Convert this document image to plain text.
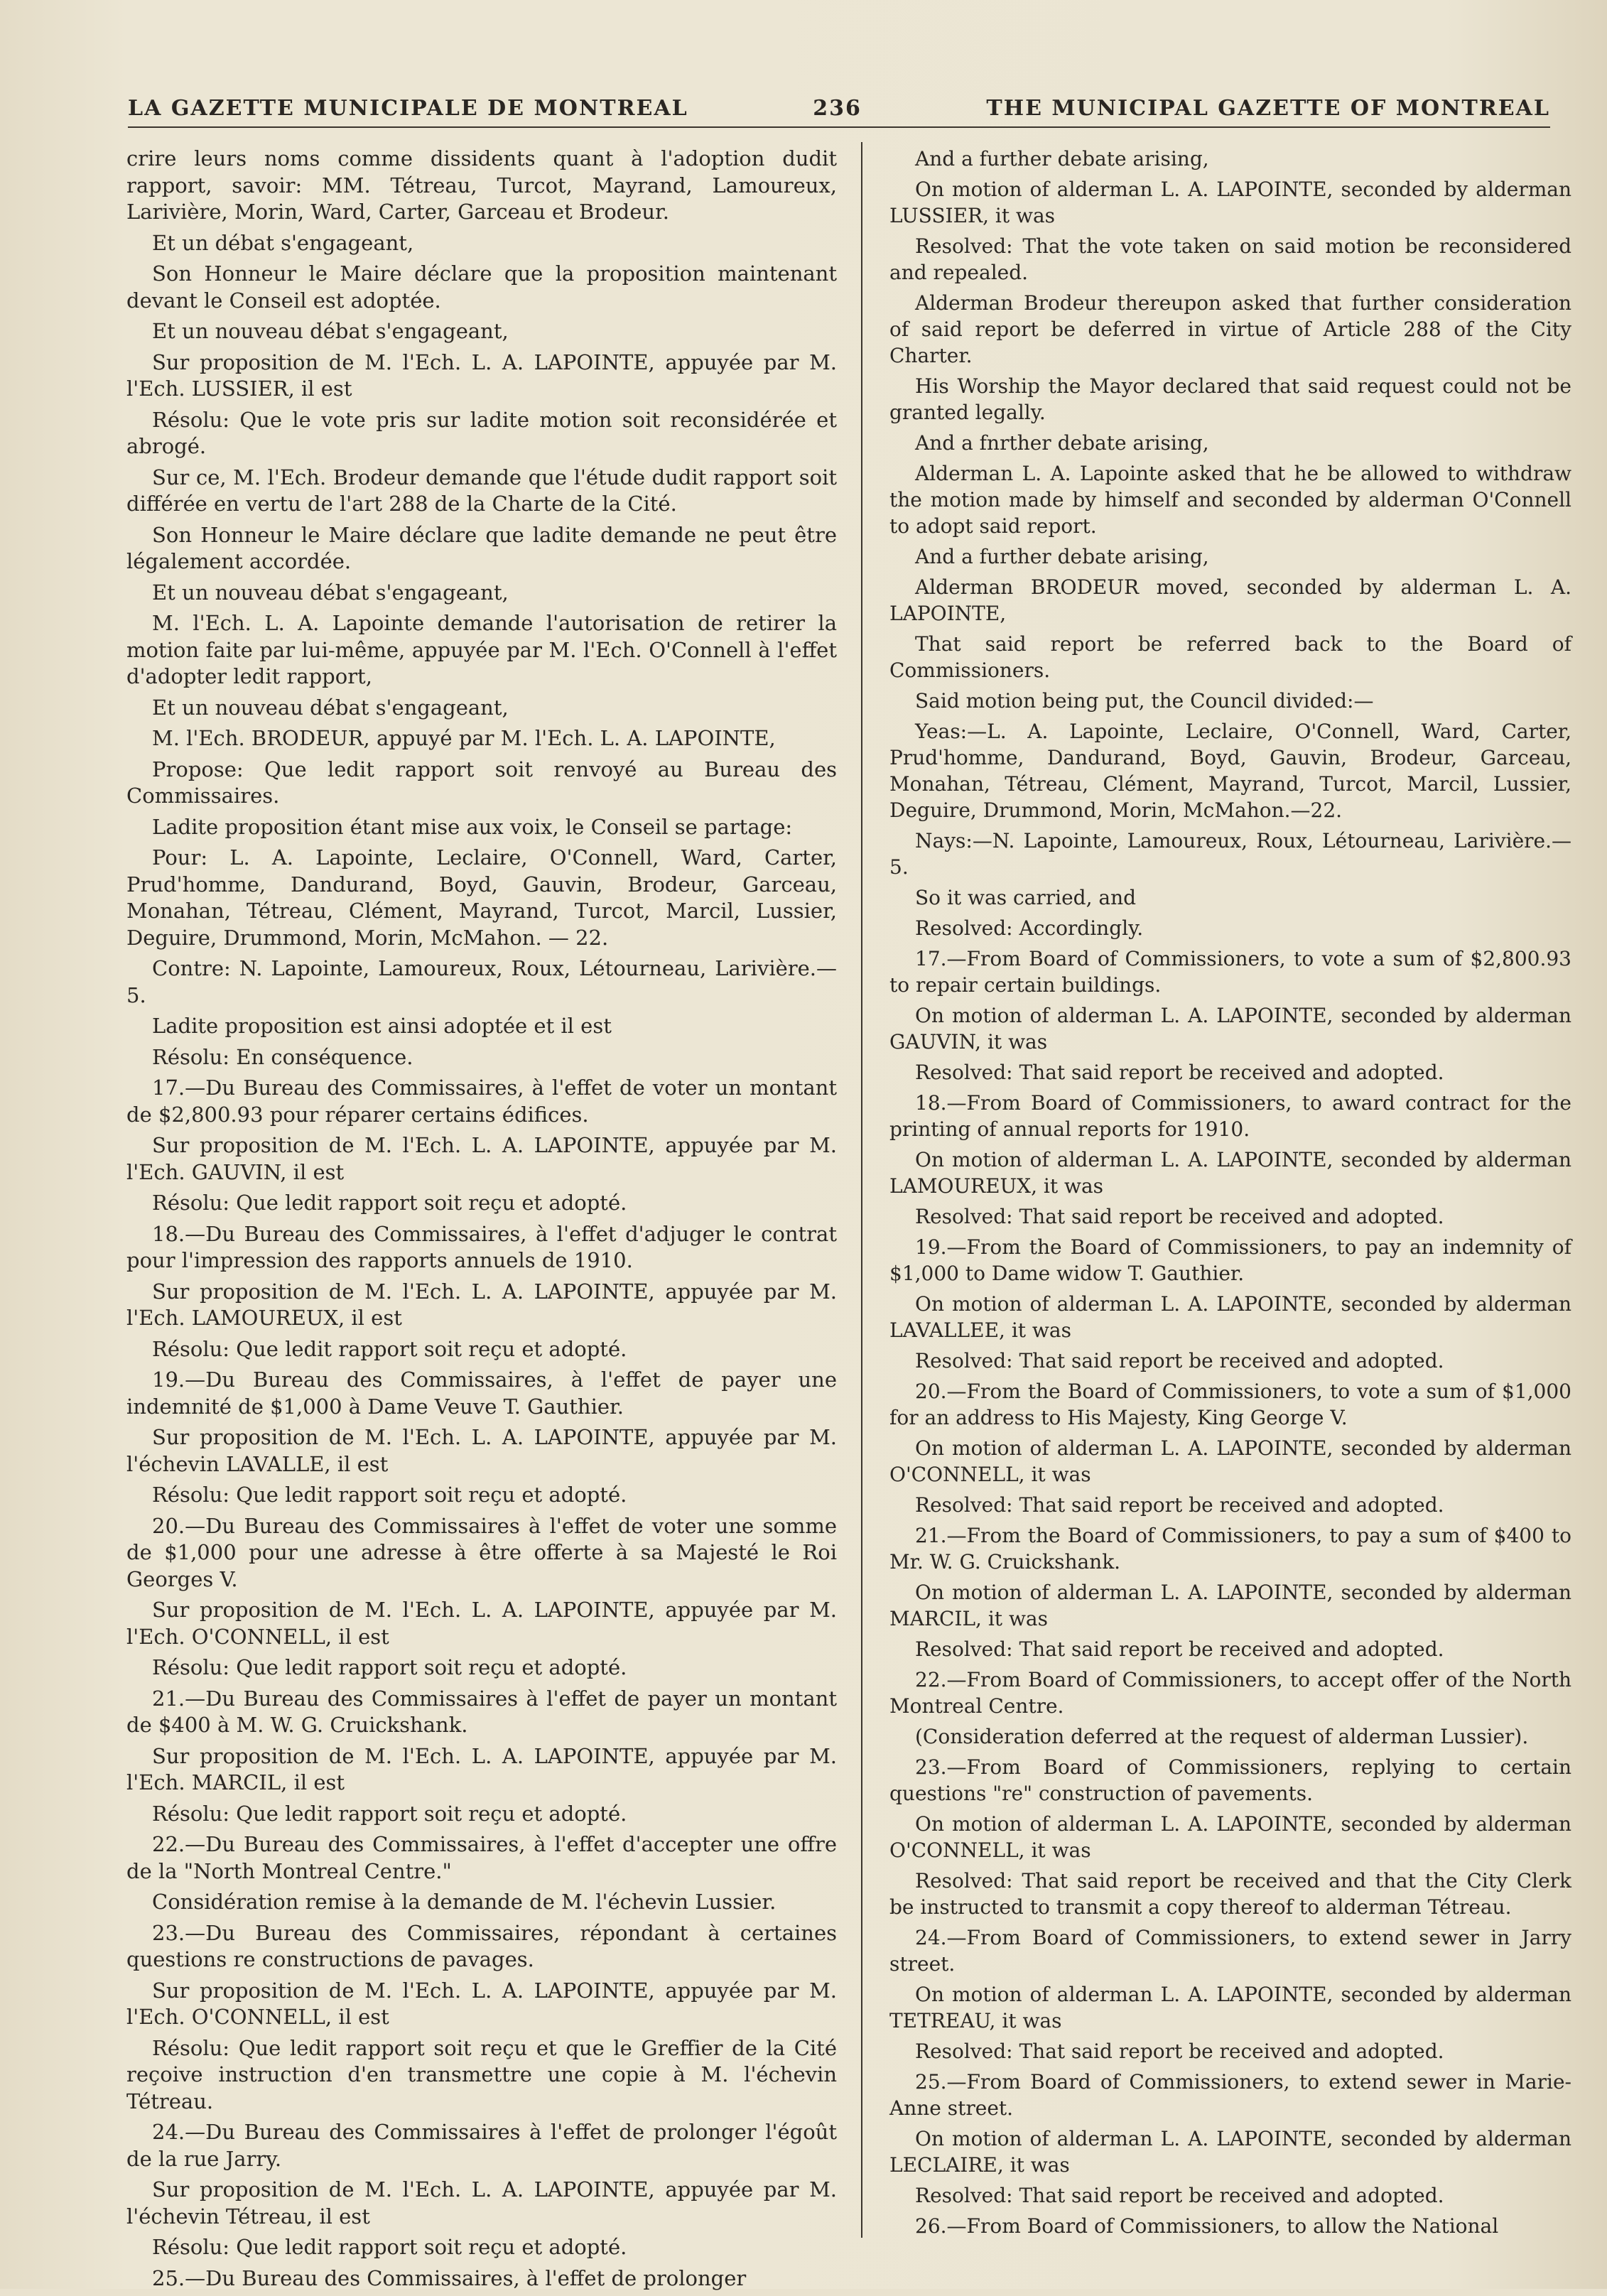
LA GAZETTE MUNICIPALE DE MONTREAL	236	THE MUNICIPAL GAZETTE OF MONTREAL

crire leurs noms comme dissidents quant à l'adoption dudit rapport, savoir: MM. Tétreau, Turcot, Mayrand, Lamoureux, Larivière, Morin, Ward, Carter, Garceau et Brodeur.

Et un débat s'engageant,

Son Honneur le Maire déclare que la proposition maintenant devant le Conseil est adoptée.

Et un nouveau débat s'engageant,

Sur proposition de M. l'Ech. L. A. LAPOINTE, appuyée par M. l'Ech. LUSSIER, il est

Résolu: Que le vote pris sur ladite motion soit reconsidérée et abrogé.

Sur ce, M. l'Ech. Brodeur demande que l'étude dudit rapport soit différée en vertu de l'art 288 de la Charte de la Cité.

Son Honneur le Maire déclare que ladite demande ne peut être légalement accordée.

Et un nouveau débat s'engageant,

M. l'Ech. L. A. Lapointe demande l'autorisation de retirer la motion faite par lui-même, appuyée par M. l'Ech. O'Connell à l'effet d'adopter ledit rapport,

Et un nouveau débat s'engageant,

M. l'Ech. BRODEUR, appuyé par M. l'Ech. L. A. LAPOINTE,

Propose: Que ledit rapport soit renvoyé au Bureau des Commissaires.

Ladite proposition étant mise aux voix, le Conseil se partage:

Pour: L. A. Lapointe, Leclaire, O'Connell, Ward, Carter, Prud'homme, Dandurand, Boyd, Gauvin, Brodeur, Garceau, Monahan, Tétreau, Clément, Mayrand, Turcot, Marcil, Lussier, Deguire, Drummond, Morin, McMahon. — 22.

Contre: N. Lapointe, Lamoureux, Roux, Létourneau, Larivière.—5.

Ladite proposition est ainsi adoptée et il est

Résolu: En conséquence.

17.—Du Bureau des Commissaires, à l'effet de voter un montant de $2,800.93 pour réparer certains édifices.

Sur proposition de M. l'Ech. L. A. LAPOINTE, appuyée par M. l'Ech. GAUVIN, il est

Résolu: Que ledit rapport soit reçu et adopté.

18.—Du Bureau des Commissaires, à l'effet d'adjuger le contrat pour l'impression des rapports annuels de 1910.

Sur proposition de M. l'Ech. L. A. LAPOINTE, appuyée par M. l'Ech. LAMOUREUX, il est

Résolu: Que ledit rapport soit reçu et adopté.

19.—Du Bureau des Commissaires, à l'effet de payer une indemnité de $1,000 à Dame Veuve T. Gauthier.

Sur proposition de M. l'Ech. L. A. LAPOINTE, appuyée par M. l'échevin LAVALLE, il est

Résolu: Que ledit rapport soit reçu et adopté.

20.—Du Bureau des Commissaires à l'effet de voter une somme de $1,000 pour une adresse à être offerte à sa Majesté le Roi Georges V.

Sur proposition de M. l'Ech. L. A. LAPOINTE, appuyée par M. l'Ech. O'CONNELL, il est

Résolu: Que ledit rapport soit reçu et adopté.

21.—Du Bureau des Commissaires à l'effet de payer un montant de $400 à M. W. G. Cruickshank.

Sur proposition de M. l'Ech. L. A. LAPOINTE, appuyée par M. l'Ech. MARCIL, il est

Résolu: Que ledit rapport soit reçu et adopté.

22.—Du Bureau des Commissaires, à l'effet d'accepter une offre de la "North Montreal Centre."

Considération remise à la demande de M. l'échevin Lussier.

23.—Du Bureau des Commissaires, répondant à certaines questions re constructions de pavages.

Sur proposition de M. l'Ech. L. A. LAPOINTE, appuyée par M. l'Ech. O'CONNELL, il est

Résolu: Que ledit rapport soit reçu et que le Greffier de la Cité reçoive instruction d'en transmettre une copie à M. l'échevin Tétreau.

24.—Du Bureau des Commissaires à l'effet de prolonger l'égoût de la rue Jarry.

Sur proposition de M. l'Ech. L. A. LAPOINTE, appuyée par M. l'échevin Tétreau, il est

Résolu: Que ledit rapport soit reçu et adopté.

25.—Du Bureau des Commissaires, à l'effet de prolonger

And a further debate arising,

On motion of alderman L. A. LAPOINTE, seconded by alderman LUSSIER, it was

Resolved: That the vote taken on said motion be reconsidered and repealed.

Alderman Brodeur thereupon asked that further consideration of said report be deferred in virtue of Article 288 of the City Charter.

His Worship the Mayor declared that said request could not be granted legally.

And a fnrther debate arising,

Alderman L. A. Lapointe asked that he be allowed to withdraw the motion made by himself and seconded by alderman O'Connell to adopt said report.

And a further debate arising,

Alderman BRODEUR moved, seconded by alderman L. A. LAPOINTE,

That said report be referred back to the Board of Commissioners.

Said motion being put, the Council divided:—

Yeas:—L. A. Lapointe, Leclaire, O'Connell, Ward, Carter, Prud'homme, Dandurand, Boyd, Gauvin, Brodeur, Garceau, Monahan, Tétreau, Clément, Mayrand, Turcot, Marcil, Lussier, Deguire, Drummond, Morin, McMahon.—22.

Nays:—N. Lapointe, Lamoureux, Roux, Létourneau, Larivière.—5.

So it was carried, and

Resolved: Accordingly.

17.—From Board of Commissioners, to vote a sum of $2,800.93 to repair certain buildings.

On motion of alderman L. A. LAPOINTE, seconded by alderman GAUVIN, it was

Resolved: That said report be received and adopted.

18.—From Board of Commissioners, to award contract for the printing of annual reports for 1910.

On motion of alderman L. A. LAPOINTE, seconded by alderman LAMOUREUX, it was

Resolved: That said report be received and adopted.

19.—From the Board of Commissioners, to pay an indemnity of $1,000 to Dame widow T. Gauthier.

On motion of alderman L. A. LAPOINTE, seconded by alderman LAVALLEE, it was

Resolved: That said report be received and adopted.

20.—From the Board of Commissioners, to vote a sum of $1,000 for an address to His Majesty, King George V.

On motion of alderman L. A. LAPOINTE, seconded by alderman O'CONNELL, it was

Resolved: That said report be received and adopted.

21.—From the Board of Commissioners, to pay a sum of $400 to Mr. W. G. Cruickshank.

On motion of alderman L. A. LAPOINTE, seconded by alderman MARCIL, it was

Resolved: That said report be received and adopted.

22.—From Board of Commissioners, to accept offer of the North Montreal Centre.

(Consideration deferred at the request of alderman Lussier).

23.—From Board of Commissioners, replying to certain questions "re" construction of pavements.

On motion of alderman L. A. LAPOINTE, seconded by alderman O'CONNELL, it was

Resolved: That said report be received and that the City Clerk be instructed to transmit a copy thereof to alderman Tétreau.

24.—From Board of Commissioners, to extend sewer in Jarry street.

On motion of alderman L. A. LAPOINTE, seconded by alderman TETREAU, it was

Resolved: That said report be received and adopted.

25.—From Board of Commissioners, to extend sewer in Marie-Anne street.

On motion of alderman L. A. LAPOINTE, seconded by alderman LECLAIRE, it was

Resolved: That said report be received and adopted.

26.—From Board of Commissioners, to allow the National
